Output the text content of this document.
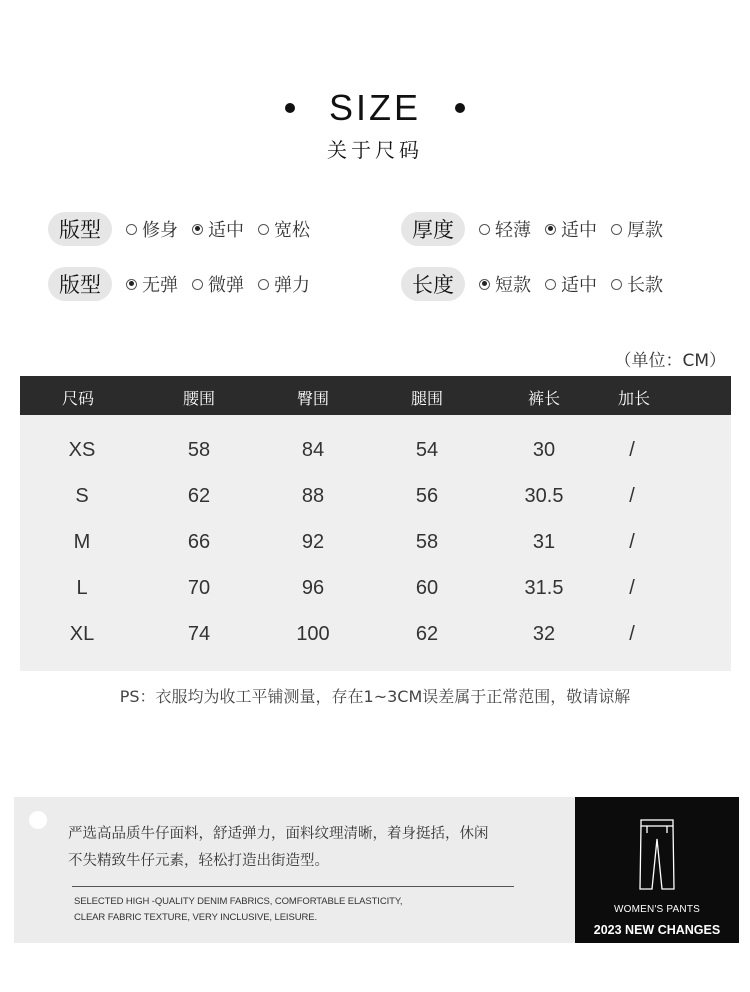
SIZE
关于尺码
版型	修身 适中 宽松	厚度	轻薄 适中 厚款
版型	无弹 微弹 弹力	长度	短款 适中 长款
（单位：CM）
尺码	腰围	臀围	腿围	裤长	加长
XS	58	84	54	30	/
S	62	88	56	30.5	/
M	66	92	58	31	/
L	70	96	60	31.5	/
XL	74	100	62	32	/
PS：衣服均为收工平铺测量，存在1~3CM误差属于正常范围，敬请谅解
严选高品质牛仔面料，舒适弹力，面料纹理清晰，着身挺括，休闲
不失精致牛仔元素，轻松打造出街造型。
SELECTED HIGH -QUALITY DENIM FABRICS, COMFORTABLE ELASTICITY,
CLEAR FABRIC TEXTURE, VERY INCLUSIVE, LEISURE.
WOMEN'S PANTS
2023 NEW CHANGES
